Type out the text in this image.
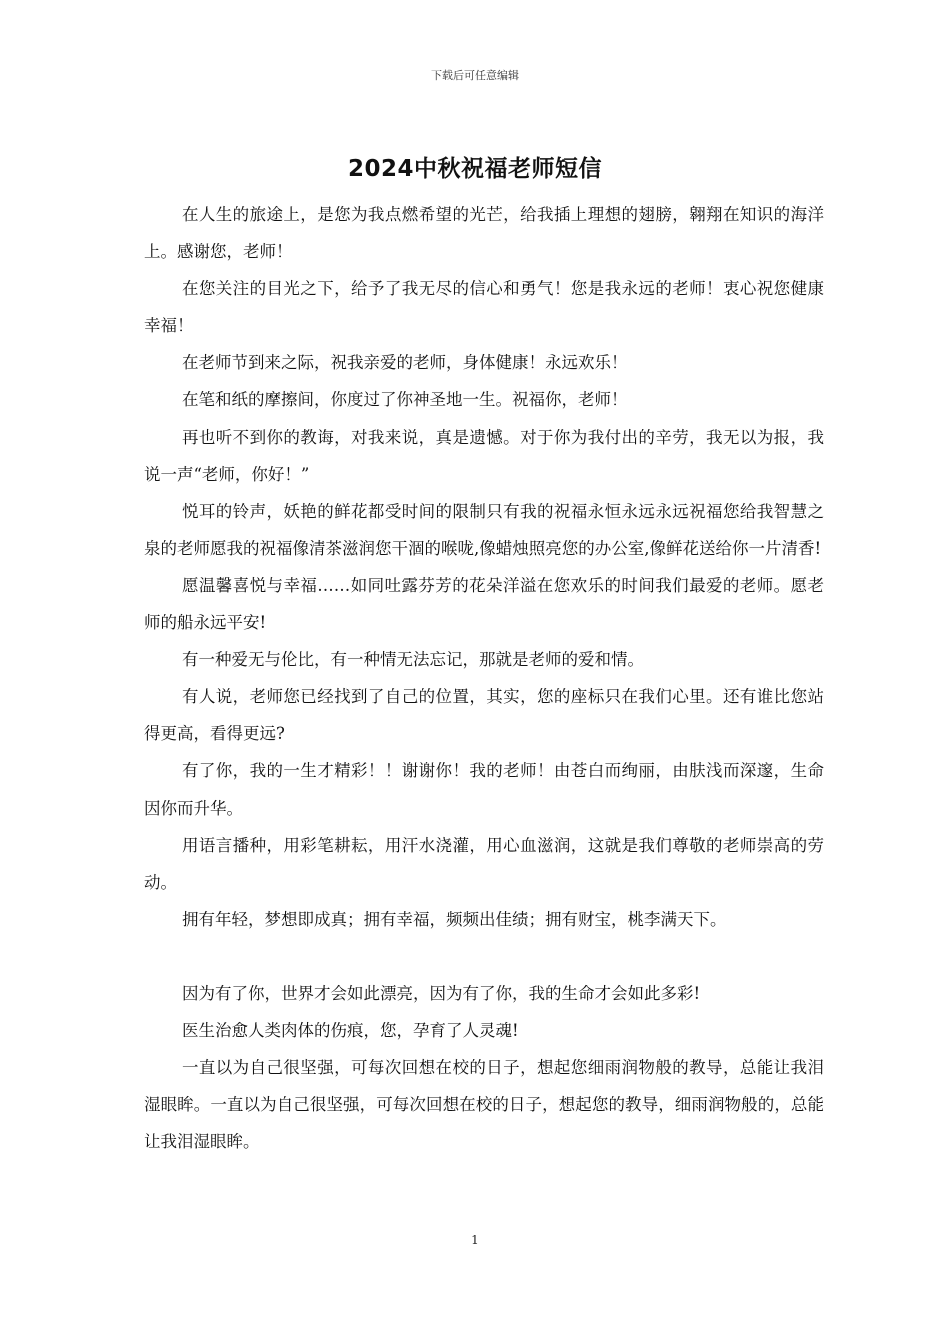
下载后可任意编辑
2024中秋祝福老师短信

在人生的旅途上，是您为我点燃希望的光芒，给我插上理想的翅膀，翱翔在知识的海洋上。感谢您，老师！

在您关注的目光之下，给予了我无尽的信心和勇气！您是我永远的老师！衷心祝您健康幸福！

在老师节到来之际，祝我亲爱的老师，身体健康！永远欢乐！

在笔和纸的摩擦间，你度过了你神圣地一生。祝福你，老师！

再也听不到你的教诲，对我来说，真是遗憾。对于你为我付出的辛劳，我无以为报，我说一声“老师，你好！”

悦耳的铃声，妖艳的鲜花都受时间的限制只有我的祝福永恒永远永远祝福您给我智慧之泉的老师愿我的祝福像清茶滋润您干涸的喉咙,像蜡烛照亮您的办公室,像鲜花送给你一片清香!

愿温馨喜悦与幸福……如同吐露芬芳的花朵洋溢在您欢乐的时间我们最爱的老师。愿老师的船永远平安!

有一种爱无与伦比，有一种情无法忘记，那就是老师的爱和情。

有人说，老师您已经找到了自己的位置，其实，您的座标只在我们心里。还有谁比您站得更高，看得更远?

有了你，我的一生才精彩！！谢谢你！我的老师！由苍白而绚丽，由肤浅而深邃，生命因你而升华。

用语言播种，用彩笔耕耘，用汗水浇灌，用心血滋润，这就是我们尊敬的老师崇高的劳动。

拥有年轻，梦想即成真；拥有幸福，频频出佳绩；拥有财宝，桃李满天下。

因为有了你，世界才会如此漂亮，因为有了你，我的生命才会如此多彩!

医生治愈人类肉体的伤痕，您，孕育了人灵魂!

一直以为自己很坚强，可每次回想在校的日子，想起您细雨润物般的教导，总能让我泪湿眼眸。一直以为自己很坚强，可每次回想在校的日子，想起您的教导，细雨润物般的，总能让我泪湿眼眸。

1
